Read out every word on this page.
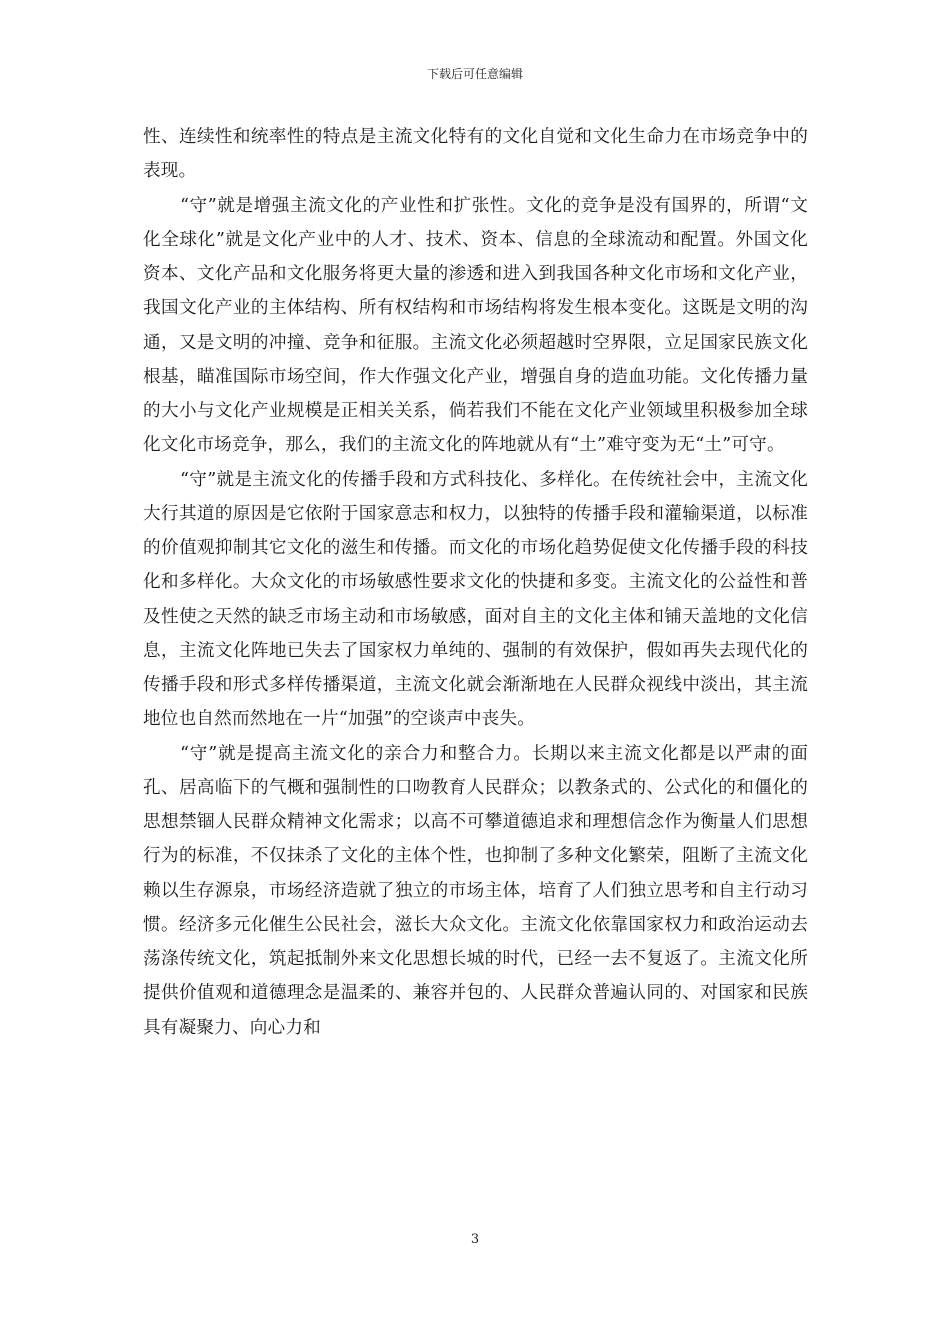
下载后可任意编辑

性、连续性和统率性的特点是主流文化特有的文化自觉和文化生命力在市场竞争中的表现。

“守”就是增强主流文化的产业性和扩张性。文化的竞争是没有国界的，所谓“文化全球化”就是文化产业中的人才、技术、资本、信息的全球流动和配置。外国文化资本、文化产品和文化服务将更大量的渗透和进入到我国各种文化市场和文化产业，我国文化产业的主体结构、所有权结构和市场结构将发生根本变化。这既是文明的沟通，又是文明的冲撞、竞争和征服。主流文化必须超越时空界限，立足国家民族文化根基，瞄准国际市场空间，作大作强文化产业，增强自身的造血功能。文化传播力量的大小与文化产业规模是正相关关系，倘若我们不能在文化产业领域里积极参加全球化文化市场竞争，那么，我们的主流文化的阵地就从有“土”难守变为无“土”可守。

“守”就是主流文化的传播手段和方式科技化、多样化。在传统社会中，主流文化大行其道的原因是它依附于国家意志和权力，以独特的传播手段和灌输渠道，以标准的价值观抑制其它文化的滋生和传播。而文化的市场化趋势促使文化传播手段的科技化和多样化。大众文化的市场敏感性要求文化的快捷和多变。主流文化的公益性和普及性使之天然的缺乏市场主动和市场敏感，面对自主的文化主体和铺天盖地的文化信息，主流文化阵地已失去了国家权力单纯的、强制的有效保护，假如再失去现代化的传播手段和形式多样传播渠道，主流文化就会渐渐地在人民群众视线中淡出，其主流地位也自然而然地在一片“加强”的空谈声中丧失。

“守”就是提高主流文化的亲合力和整合力。长期以来主流文化都是以严肃的面孔、居高临下的气概和强制性的口吻教育人民群众；以教条式的、公式化的和僵化的思想禁锢人民群众精神文化需求；以高不可攀道德追求和理想信念作为衡量人们思想行为的标准，不仅抹杀了文化的主体个性，也抑制了多种文化繁荣，阻断了主流文化赖以生存源泉，市场经济造就了独立的市场主体，培育了人们独立思考和自主行动习惯。经济多元化催生公民社会，滋长大众文化。主流文化依靠国家权力和政治运动去荡涤传统文化，筑起抵制外来文化思想长城的时代，已经一去不复返了。主流文化所提供价值观和道德理念是温柔的、兼容并包的、人民群众普遍认同的、对国家和民族具有凝聚力、向心力和

3
